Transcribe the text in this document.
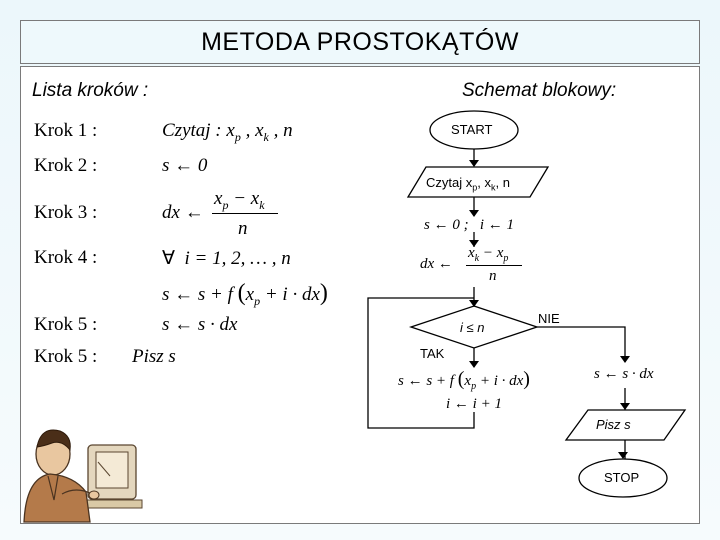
METODA PROSTOKĄTÓW
Lista kroków :	Schemat blokowy:
Krok 1 :	Czytaj : $x_p$ , $x_k$ , n
Krok 2 :	s ← 0
Krok 3 :	dx ←
$x_p - x_k$
n
Krok 4 :	∀  i = 1, 2, … , n
s ← s + f $(x_p + i \cdot dx)$
Krok 5 :	s ← s · dx
Krok 5 : Pisz s
START
Czytaj $x_p$, $x_k$, n
s ← 0 ;   i ← 1
dx ←
$x_k - x_p$
n
i ≤ n
NIE
TAK
s ← s + f $(x_p + i \cdot dx)$
i ← i + 1
s ← s · dx
Pisz s
STOP
